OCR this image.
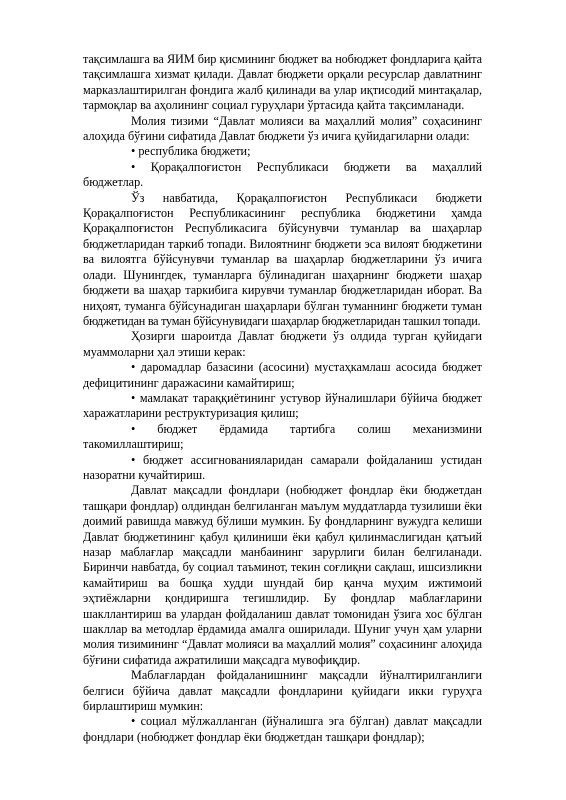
тақсимлашга ва ЯИМ бир қисмининг бюджет ва нобюджет фондларига қайта
тақсимлашга хизмат қилади. Давлат бюджети орқали ресурслар давлатнинг
марказлаштирилган фондига жалб қилинади ва улар иқтисодий минтақалар,
тармоқлар ва аҳолининг социал гуруҳлари ўртасида қайта тақсимланади.
Молия тизими “Давлат молияси ва маҳаллий молия” соҳасининг
алоҳида бўғини сифатида Давлат бюджети ўз ичига қуйидагиларни олади:
• республика бюджети;
• Қорақалпоғистон Республикаси бюджети ва маҳаллий
бюджетлар.
Ўз навбатида, Қорақалпоғистон Республикаси бюджети
Қорақалпоғистон Республикасининг республика бюджетини ҳамда
Қорақалпоғистон Республикасига бўйсунувчи туманлар ва шаҳарлар
бюджетларидан таркиб топади. Вилоятнинг бюджети эса вилоят бюджетини
ва вилоятга бўйсунувчи туманлар ва шаҳарлар бюджетларини ўз ичига
олади. Шунингдек, туманларга бўлинадиган шаҳарнинг бюджети шаҳар
бюджети ва шаҳар таркибига кирувчи туманлар бюджетларидан иборат. Ва
ниҳоят, туманга бўйсунадиган шаҳарлари бўлган туманнинг бюджети туман
бюджетидан ва туман бўйсунувидаги шаҳарлар бюджетларидан ташкил топади.
Ҳозирги шароитда Давлат бюджети ўз олдида турган қуйидаги
муаммоларни ҳал этиши керак:
• даромадлар базасини (асосини) мустаҳкамлаш асосида бюджет
дефицитининг даражасини камайтириш;
• мамлакат тараққиётининг устувор йўналишлари бўйича бюджет
харажатларини реструктуризация қилиш;
• бюджет ёрдамида тартибга солиш механизмини
такомиллаштириш;
• бюджет ассигнованияларидан самарали фойдаланиш устидан
назоратни кучайтириш.
Давлат мақсадли фондлари (нобюджет фондлар ёки бюджетдан
ташқари фондлар) олдиндан белгиланган маълум муддатларда тузилиши ёки
доимий равишда мавжуд бўлиши мумкин. Бу фондларнинг вужудга келиши
Давлат бюджетининг қабул қилиниши ёки қабул қилинмаслигидан қатъий
назар маблағлар мақсадли манбаининг зарурлиги билан белгиланади.
Биринчи навбатда, бу социал таъминот, текин соғлиқни сақлаш, ишсизликни
камайтириш ва бошқа худди шундай бир қанча муҳим ижтимоий
эҳтиёжларни қондиришга тегишлидир. Бу фондлар маблағларини
шакллантириш ва улардан фойдаланиш давлат томонидан ўзига хос бўлган
шакллар ва методлар ёрдамида амалга оширилади. Шуниг учун ҳам уларни
молия тизимининг “Давлат молияси ва маҳаллий молия” соҳасининг алоҳида
бўғини сифатида ажратилиши мақсадга мувофиқдир.
Маблағлардан фойдаланишнинг мақсадли йўналтирилганлиги
белгиси бўйича давлат мақсадли фондларини қуйидаги икки гуруҳга
бирлаштириш мумкин:
• социал мўлжалланган (йўналишга эга бўлган) давлат мақсадли
фондлари (нобюджет фондлар ёки бюджетдан ташқари фондлар);
